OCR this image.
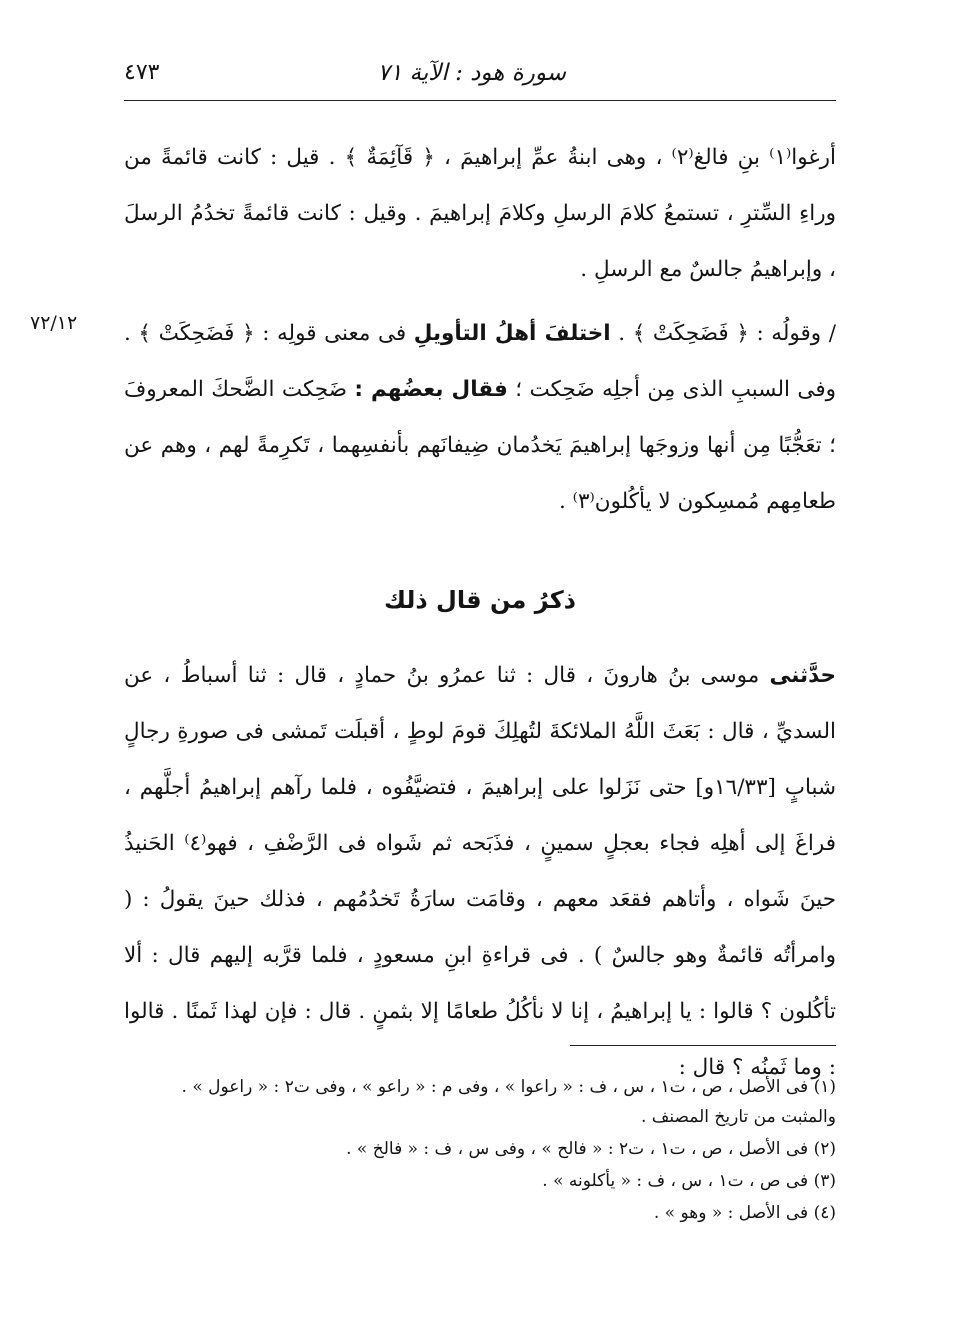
سورة هود : الآية ٧١
٤٧٣

أرغوا⁽١⁾ بنِ فالغ⁽٢⁾ ، وهى ابنةُ عمِّ إبراهيمَ ، ﴿ قَآئِمَةٌ ﴾ . قيل : كانت قائمةً من وراءِ السِّترِ ، تستمعُ كلامَ الرسلِ وكلامَ إبراهيمَ . وقيل : كانت قائمةً تخدُمُ الرسلَ ، وإبراهيمُ جالسٌ مع الرسلِ .

٧٢/١٢	/ وقولُه : ﴿ فَضَحِكَتْ ﴾ . اختلفَ أهلُ التأويلِ فى معنى قولِه : ﴿ فَضَحِكَتْ ﴾ . وفى السببِ الذى مِن أجلِه ضَحِكت ؛ فقال بعضُهم : ضَحِكت الضَّحكَ المعروفَ ؛ تعَجُّبًا مِن أنها وزوجَها إبراهيمَ يَخدُمان ضِيفانَهم بأنفسِهما ، تَكرِمةً لهم ، وهم عن طعامِهم مُمسِكون لا يأكُلون⁽٣⁾ .

ذكرُ من قال ذلك

حدَّثنى موسى بنُ هارونَ ، قال : ثنا عمرُو بنُ حمادٍ ، قال : ثنا أسباطُ ، عن السديِّ ، قال : بَعَثَ اللَّهُ الملائكةَ لتُهلِكَ قومَ لوطٍ ، أقبلَت تَمشى فى صورةِ رجالٍ شبابٍ [١٦/٣٣و] حتى نَزَلوا على إبراهيمَ ، فتضيَّفُوه ، فلما رآهم إبراهيمُ أجلَّهم ، فراغَ إلى أهلِه فجاء بعجلٍ سمينٍ ، فذَبَحه ثم شَواه فى الرَّضْفِ ، فهو⁽٤⁾ الحَنيذُ حينَ شَواه ، وأتاهم فقعَد معهم ، وقامَت سارَةُ تَخدُمُهم ، فذلك حينَ يقولُ : ( وامرأتُه قائمةٌ وهو جالسٌ ) . فى قراءةِ ابنِ مسعودٍ ، فلما قرَّبه إليهم قال : ألا تأكُلون ؟ قالوا : يا إبراهيمُ ، إنا لا نأكُلُ طعامًا إلا بثمنٍ . قال : فإن لهذا ثَمنًا . قالوا : وما ثَمنُه ؟ قال :

(١) فى الأصل ، ص ، ت١ ، س ، ف : « راعوا » ، وفى م : « راعو » ، وفى ت٢ : « راعول » . والمثبت من تاريخ المصنف .
(٢) فى الأصل ، ص ، ت١ ، ت٢ : « فالح » ، وفى س ، ف : « فالخ » .
(٣) فى ص ، ت١ ، س ، ف : « يأكلونه » .
(٤) فى الأصل : « وهو » .
